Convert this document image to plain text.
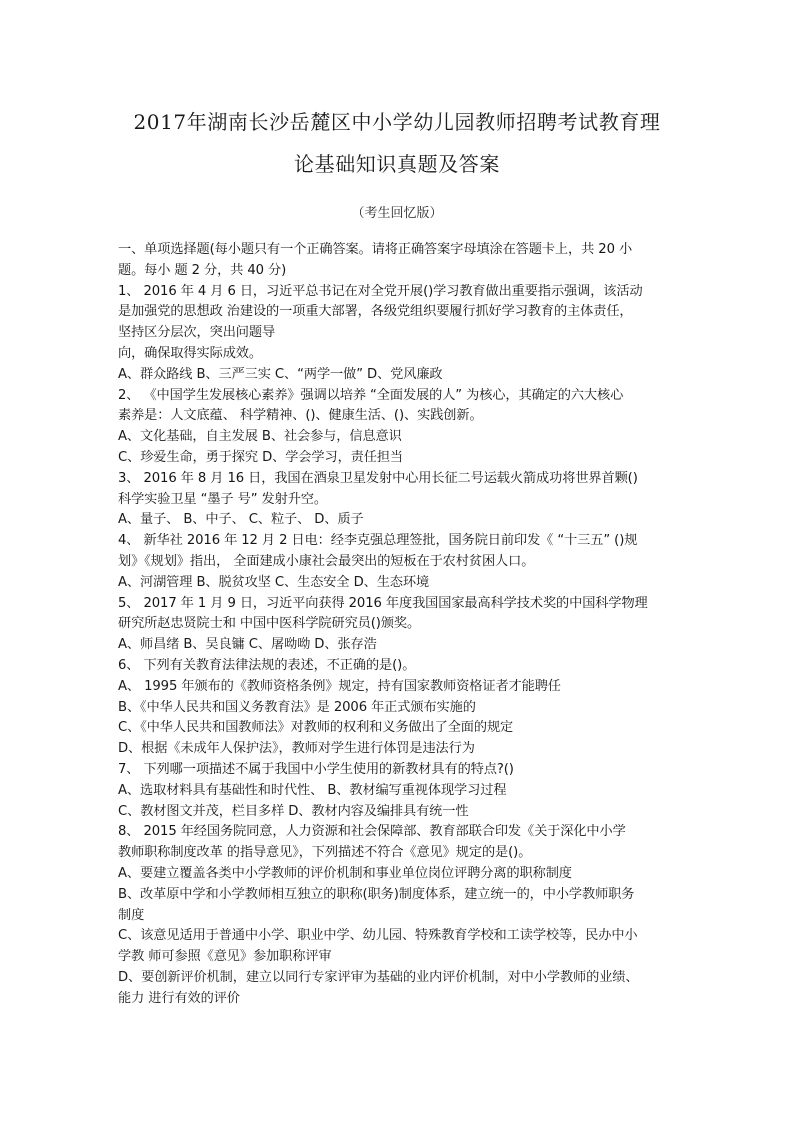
2017年湖南长沙岳麓区中小学幼儿园教师招聘考试教育理
论基础知识真题及答案
（考生回忆版）
一、单项选择题(每小题只有一个正确答案。请将正确答案字母填涂在答题卡上，共 20 小
题。每小 题 2 分，共 40 分)
1、 2016 年 4 月 6 日，习近平总书记在对全党开展()学习教育做出重要指示强调，该活动
是加强党的思想政 治建设的一项重大部署，各级党组织要履行抓好学习教育的主体责任，
坚持区分层次，突出问题导
向，确保取得实际成效。
A、群众路线 B、三严三实 C、“两学一做” D、党风廉政
2、 《中国学生发展核心素养》强调以培养 “全面发展的人” 为核心，其确定的六大核心
素养是：人文底蕴、 科学精神、()、健康生活、()、实践创新。
A、文化基础，自主发展 B、社会参与，信息意识
C、珍爱生命，勇于探究 D、学会学习，责任担当
3、 2016 年 8 月 16 日，我国在酒泉卫星发射中心用长征二号运载火箭成功将世界首颗()
科学实验卫星 “墨子 号” 发射升空。
A、量子、 B、中子、 C、粒子、 D、质子
4、 新华社 2016 年 12 月 2 日电：经李克强总理签批，国务院日前印发《 “十三五” ()规
划》《规划》指出， 全面建成小康社会最突出的短板在于农村贫困人口。
A、河湖管理 B、脱贫攻坚 C、生态安全 D、生态环境
5、 2017 年 1 月 9 日，习近平向获得 2016 年度我国国家最高科学技术奖的中国科学物理
研究所赵忠贤院士和 中国中医科学院研究员()颁奖。
A、师昌绪 B、吴良镛 C、屠呦呦 D、张存浩
6、 下列有关教育法律法规的表述，不正确的是()。
A、 1995 年颁布的《教师资格条例》规定，持有国家教师资格证者才能聘任
B、《中华人民共和国义务教育法》是 2006 年正式颁布实施的
C、《中华人民共和国教师法》对教师的权利和义务做出了全面的规定
D、根据《未成年人保护法》，教师对学生进行体罚是违法行为
7、 下列哪一项描述不属于我国中小学生使用的新教材具有的特点?()
A、选取材料具有基础性和时代性、 B、教材编写重视体现学习过程
C、教材图文并茂，栏目多样 D、教材内容及编排具有统一性
8、 2015 年经国务院同意，人力资源和社会保障部、教育部联合印发《关于深化中小学
教师职称制度改革 的指导意见》，下列描述不符合《意见》规定的是()。
A、要建立覆盖各类中小学教师的评价机制和事业单位岗位评聘分离的职称制度
B、改革原中学和小学教师相互独立的职称(职务)制度体系，建立统一的，中小学教师职务
制度
C、该意见适用于普通中小学、职业中学、幼儿园、特殊教育学校和工读学校等，民办中小
学教 师可参照《意见》参加职称评审
D、要创新评价机制，建立以同行专家评审为基础的业内评价机制，对中小学教师的业绩、
能力 进行有效的评价
